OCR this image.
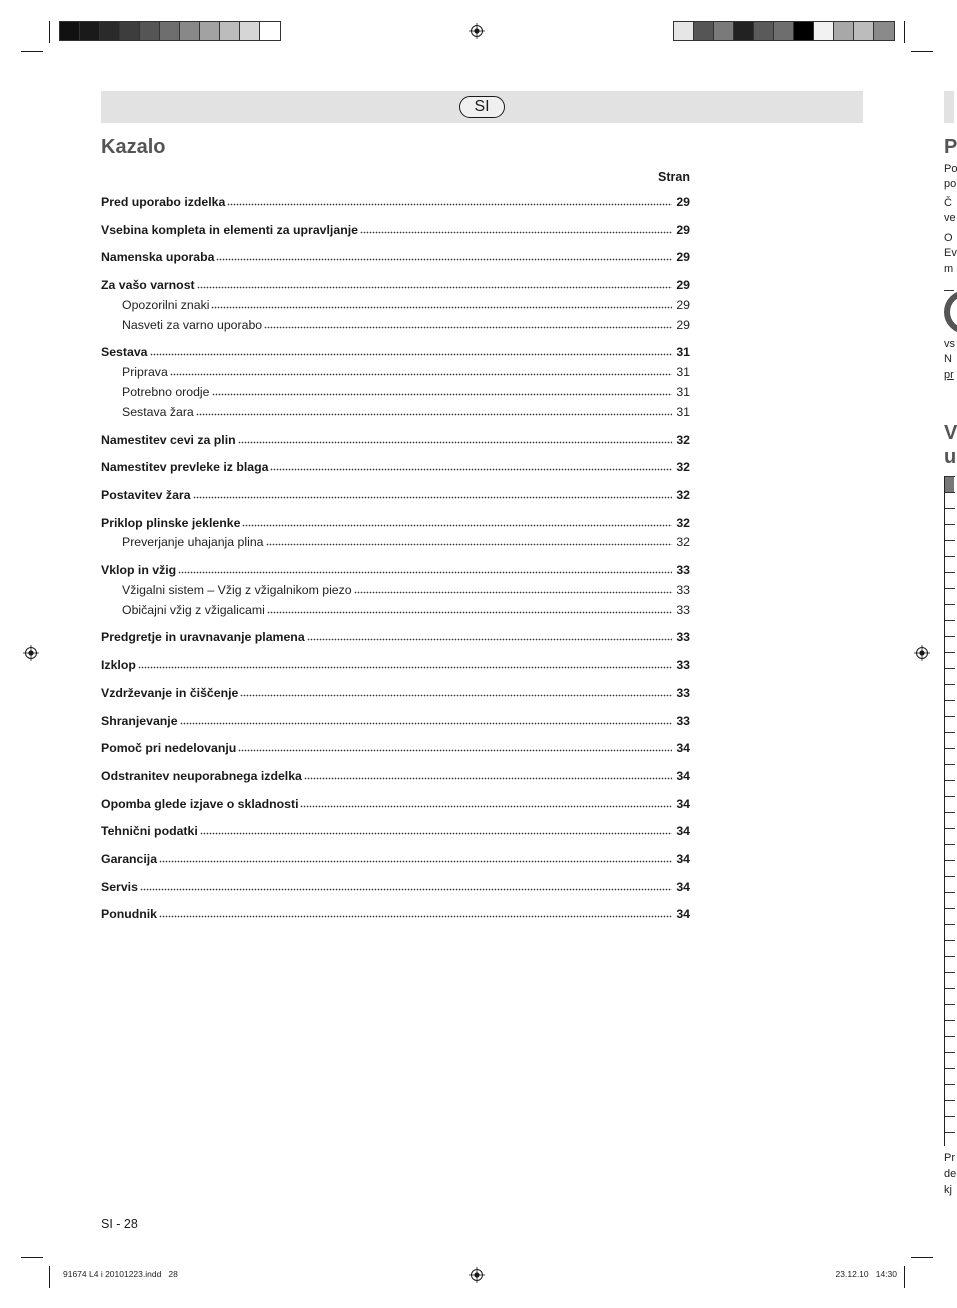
SI
Kazalo
Stran
Pred uporabo izdelka	29
Vsebina kompleta in elementi za upravljanje	29
Namenska uporaba	29
Za vašo varnost	29
Opozorilni znaki	29
Nasveti za varno uporabo	29
Sestava	31
Priprava	31
Potrebno orodje	31
Sestava žara	31
Namestitev cevi za plin	32
Namestitev prevleke iz blaga	32
Postavitev žara	32
Priklop plinske jeklenke	32
Preverjanje uhajanja plina	32
Vklop in vžig	33
Vžigalni sistem – Vžig z vžigalnikom piezo	33
Običajni vžig z vžigalicami	33
Predgretje in uravnavanje plamena	33
Izklop	33
Vzdrževanje in čiščenje	33
Shranjevanje	33
Pomoč pri nedelovanju	34
Odstranitev neuporabnega izdelka	34
Opomba glede izjave o skladnosti	34
Tehnični podatki	34
Garancija	34
Servis	34
Ponudnik	34
SI - 28
91674 L4 i 20101223.indd   28	23.12.10   14:30
P
Po
po
Č
ve
O
Ev
m
vs
N
pr
V
u
Pr
de
kj
